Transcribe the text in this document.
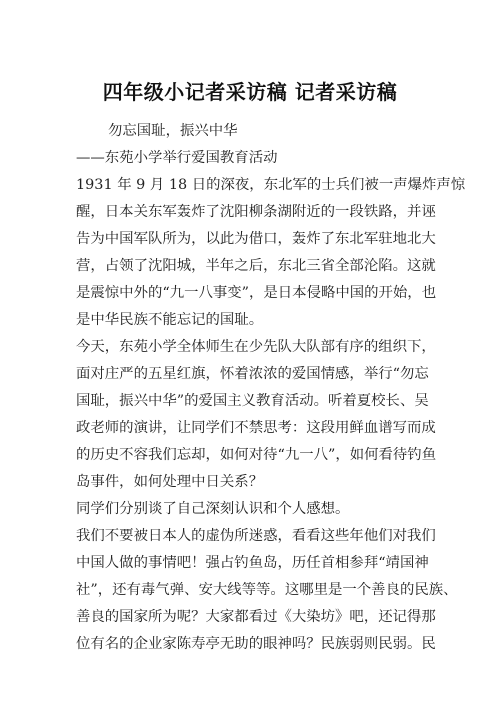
四年级小记者采访稿 记者采访稿
勿忘国耻，振兴中华
——东苑小学举行爱国教育活动
1931 年 9 月 18 日的深夜，东北军的士兵们被一声爆炸声惊
醒，日本关东军轰炸了沈阳柳条湖附近的一段铁路，并诬
告为中国军队所为，以此为借口，轰炸了东北军驻地北大
营，占领了沈阳城，半年之后，东北三省全部沦陷。这就
是震惊中外的“九一八事变”，是日本侵略中国的开始，也
是中华民族不能忘记的国耻。
今天，东苑小学全体师生在少先队大队部有序的组织下，
面对庄严的五星红旗，怀着浓浓的爱国情感，举行“勿忘
国耻，振兴中华”的爱国主义教育活动。听着夏校长、吴
政老师的演讲，让同学们不禁思考：这段用鲜血谱写而成
的历史不容我们忘却，如何对待“九一八”，如何看待钓鱼
岛事件，如何处理中日关系？
同学们分别谈了自己深刻认识和个人感想。
我们不要被日本人的虚伪所迷惑，看看这些年他们对我们
中国人做的事情吧！强占钓鱼岛，历任首相参拜“靖国神
社”，还有毒气弹、安大线等等。这哪里是一个善良的民族、
善良的国家所为呢？大家都看过《大染坊》吧，还记得那
位有名的企业家陈寿亭无助的眼神吗？民族弱则民弱。民
